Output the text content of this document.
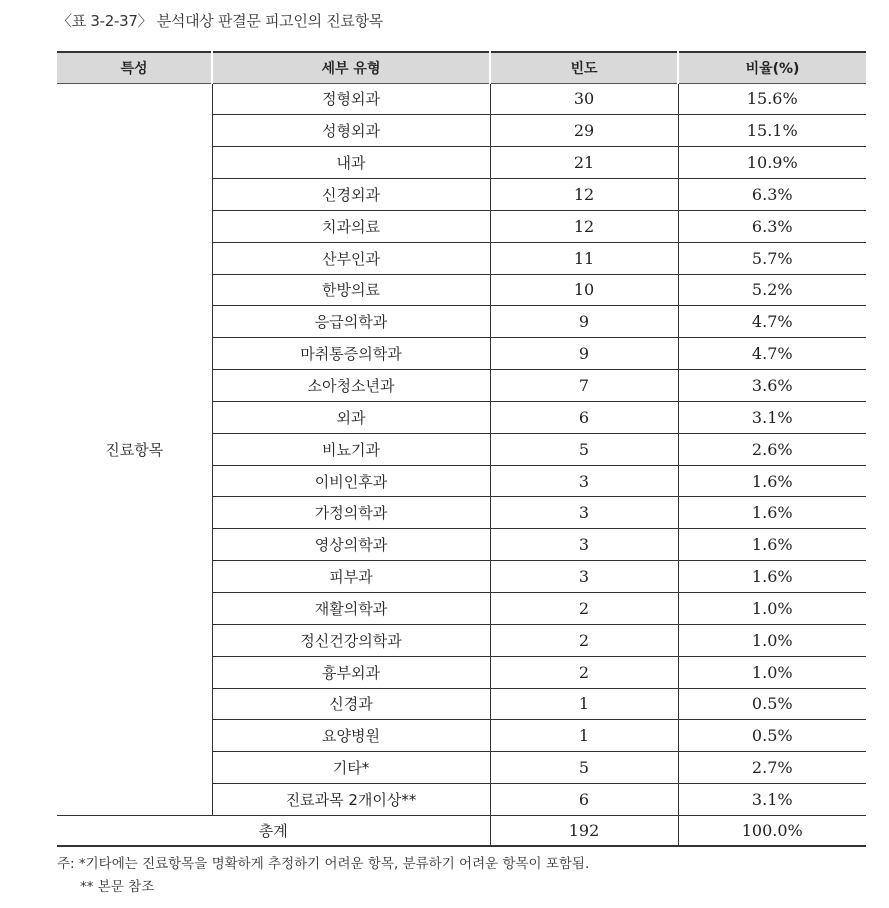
〈표 3-2-37〉 분석대상 판결문 피고인의 진료항목
특성	세부 유형	빈도	비율(%)
진료항목	정형외과	30	15.6%
	성형외과	29	15.1%
	내과	21	10.9%
	신경외과	12	6.3%
	치과의료	12	6.3%
	산부인과	11	5.7%
	한방의료	10	5.2%
	응급의학과	9	4.7%
	마취통증의학과	9	4.7%
	소아청소년과	7	3.6%
	외과	6	3.1%
	비뇨기과	5	2.6%
	이비인후과	3	1.6%
	가정의학과	3	1.6%
	영상의학과	3	1.6%
	피부과	3	1.6%
	재활의학과	2	1.0%
	정신건강의학과	2	1.0%
	흉부외과	2	1.0%
	신경과	1	0.5%
	요양병원	1	0.5%
	기타*	5	2.7%
	진료과목 2개이상**	6	3.1%
총계		192	100.0%
주: *기타에는 진료항목을 명확하게 추정하기 어려운 항목, 분류하기 어려운 항목이 포함됨.
** 본문 참조
